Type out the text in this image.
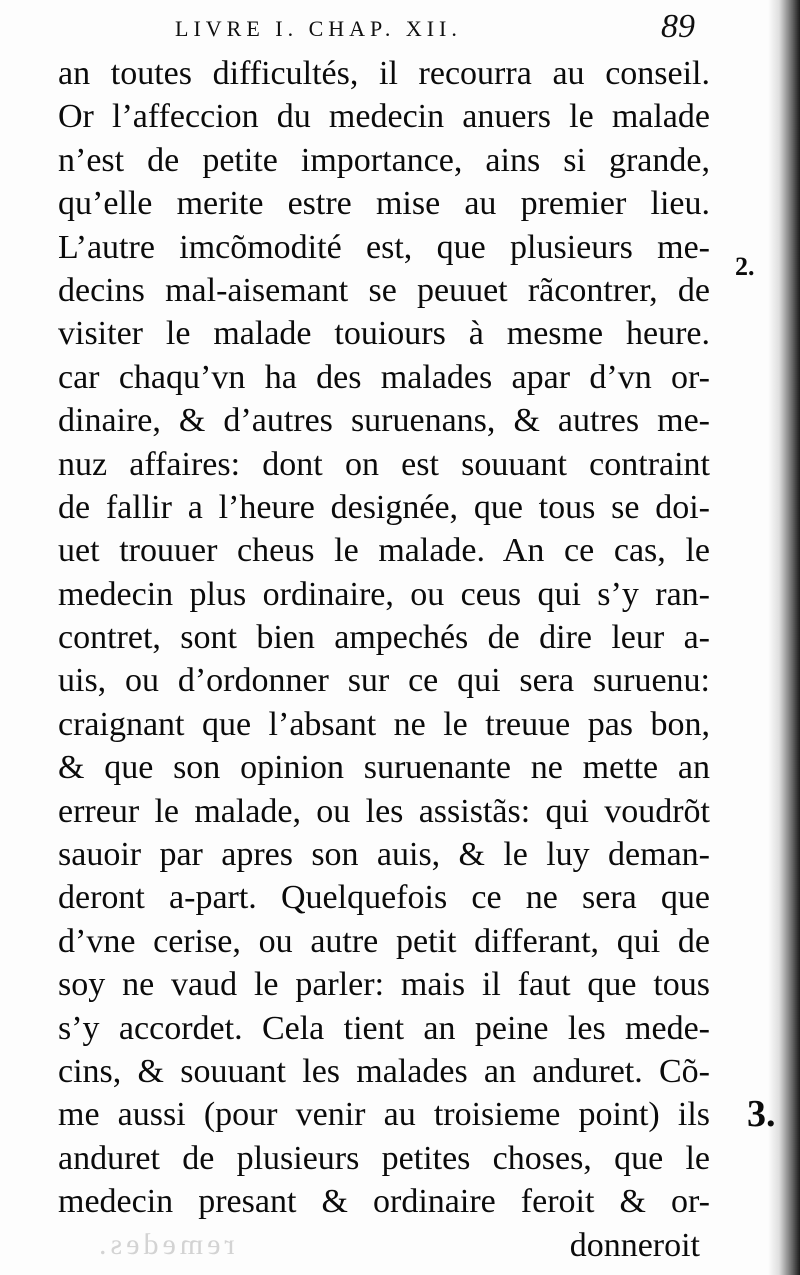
LIVRE I. CHAP. XII.	89
an toutes difficultés, il recourra au conseil.
Or l’affeccion du medecin anuers le malade
n’est de petite importance, ains si grande,
qu’elle merite estre mise au premier lieu.
L’autre imcõmodité est, que plusieurs me-
decins mal-aisemant se peuuet rãcontrer, de
visiter le malade touiours à mesme heure.
car chaqu’vn ha des malades apar d’vn or-
dinaire, & d’autres suruenans, & autres me-
nuz affaires: dont on est souuant contraint
de fallir a l’heure designée, que tous se doi-
uet trouuer cheus le malade. An ce cas, le
medecin plus ordinaire, ou ceus qui s’y ran-
contret, sont bien ampechés de dire leur a-
uis, ou d’ordonner sur ce qui sera suruenu:
craignant que l’absant ne le treuue pas bon,
& que son opinion suruenante ne mette an
erreur le malade, ou les assistãs: qui voudrõt
sauoir par apres son auis, & le luy deman-
deront a-part. Quelquefois ce ne sera que
d’vne cerise, ou autre petit differant, qui de
soy ne vaud le parler: mais il faut que tous
s’y accordet. Cela tient an peine les mede-
cins, & souuant les malades an anduret. Cõ-
me aussi (pour venir au troisieme point) ils
anduret de plusieurs petites choses, que le
medecin presant & ordinaire feroit & or-
donneroit
2.
3.
remedes.
